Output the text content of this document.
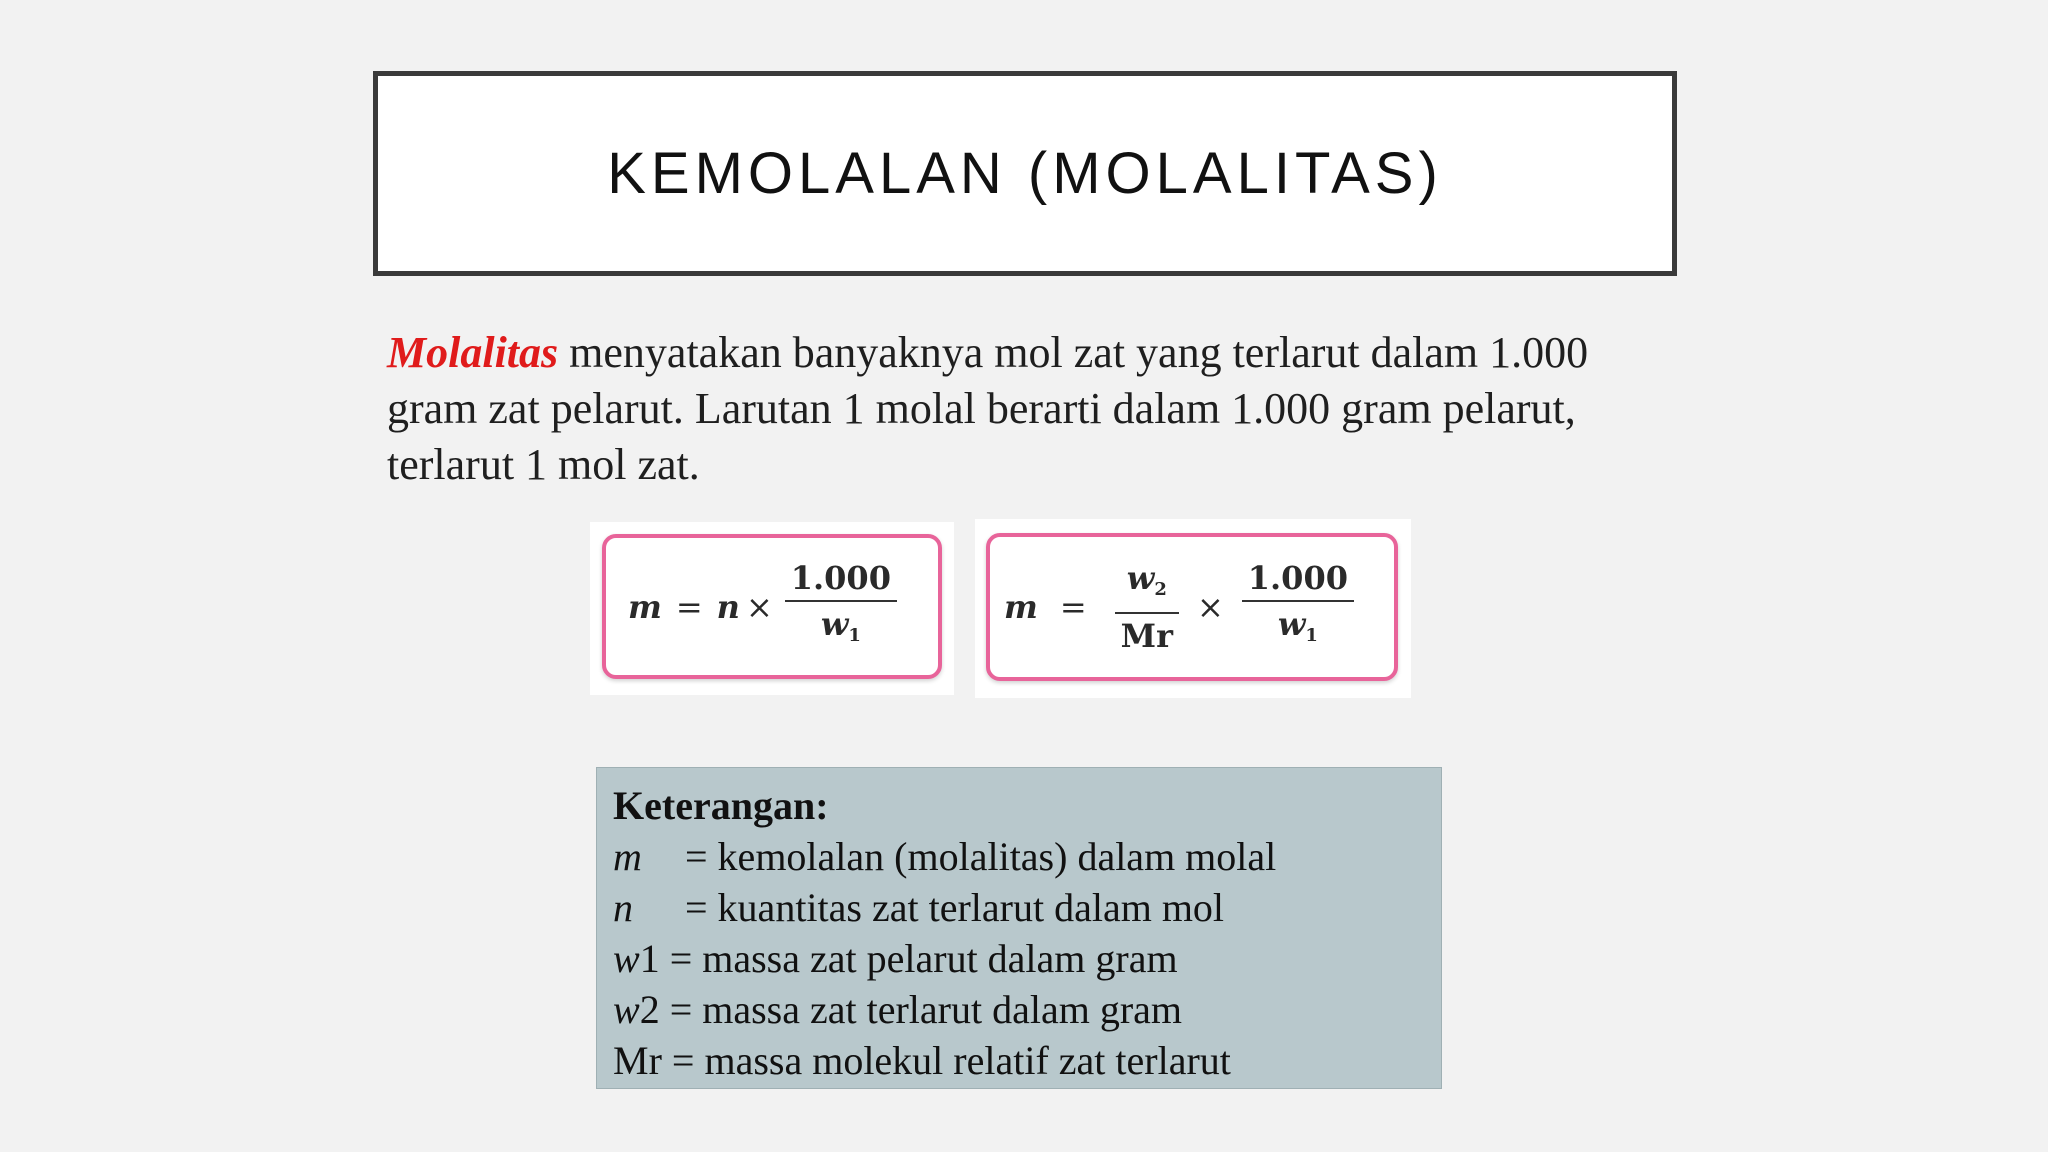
KEMOLALAN (MOLALITAS)
Molalitas menyatakan banyaknya mol zat yang terlarut dalam 1.000 gram zat pelarut. Larutan 1 molal berarti dalam 1.000 gram pelarut, terlarut 1 mol zat.
$m = n \times \frac{1.000}{w_1}$	$m = \frac{w_2}{Mr} \times \frac{1.000}{w_1}$
Keterangan:
m = kemolalan (molalitas) dalam molal
n = kuantitas zat terlarut dalam mol
w1 = massa zat pelarut dalam gram
w2 = massa zat terlarut dalam gram
Mr = massa molekul relatif zat terlarut
